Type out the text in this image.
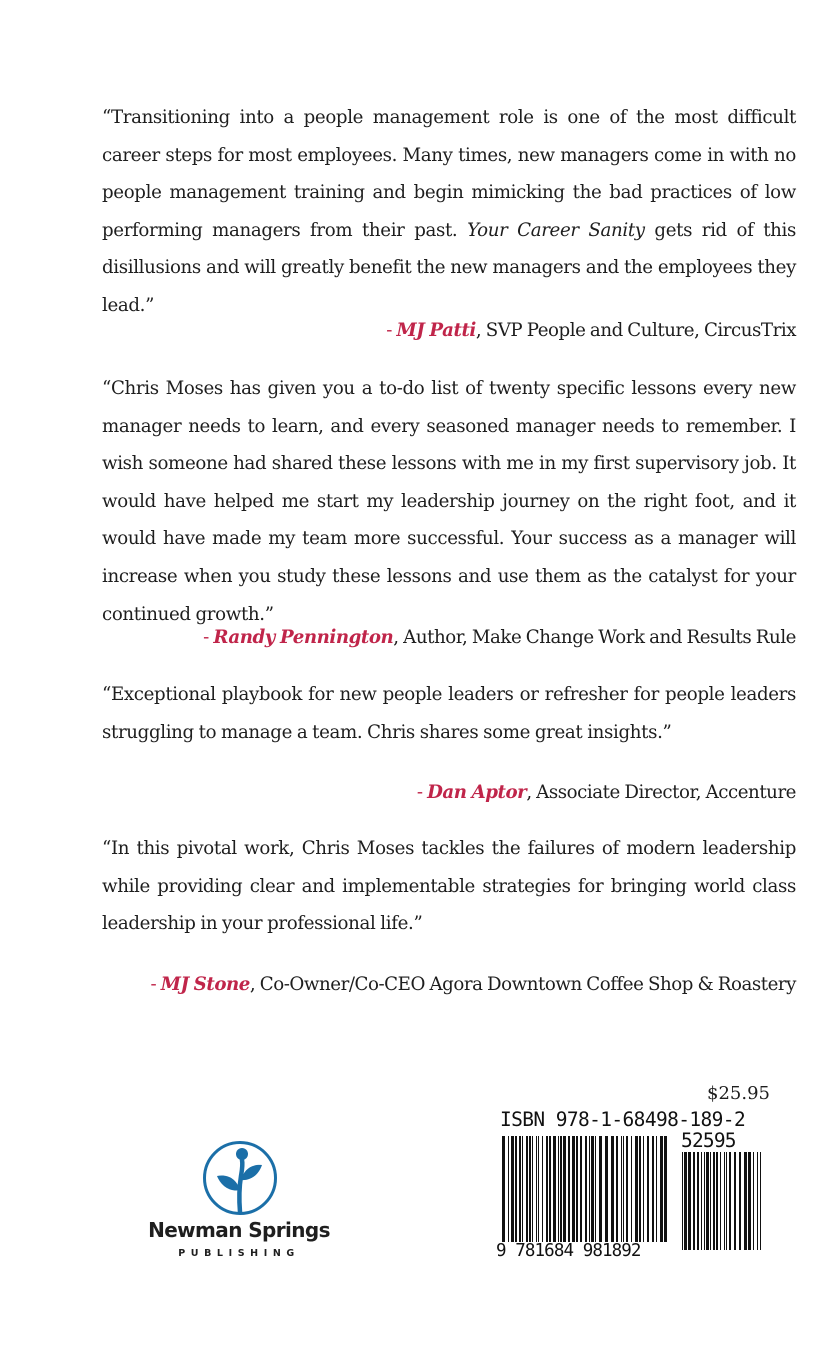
“Transitioning into a people management role is one of the most difficult career steps for most employees. Many times, new managers come in with no people management training and begin mimicking the bad practices of low performing managers from their past. Your Career Sanity gets rid of this disillusions and will greatly benefit the new managers and the employees they lead.”

- MJ Patti, SVP People and Culture, CircusTrix

“Chris Moses has given you a to-do list of twenty specific lessons every new manager needs to learn, and every seasoned manager needs to remember. I wish someone had shared these lessons with me in my first supervisory job. It would have helped me start my leadership journey on the right foot, and it would have made my team more successful. Your success as a manager will increase when you study these lessons and use them as the catalyst for your continued growth.”

- Randy Pennington, Author, Make Change Work and Results Rule

“Exceptional playbook for new people leaders or refresher for people leaders struggling to manage a team. Chris shares some great insights.”

- Dan Aptor, Associate Director, Accenture

“In this pivotal work, Chris Moses tackles the failures of modern leadership while providing clear and implementable strategies for bringing world class leadership in your professional life.”

- MJ Stone, Co-Owner/Co-CEO Agora Downtown Coffee Shop & Roastery
Newman Springs
PUBLISHING
$25.95
ISBN 978-1-68498-189-2
52595
9 781684 981892
